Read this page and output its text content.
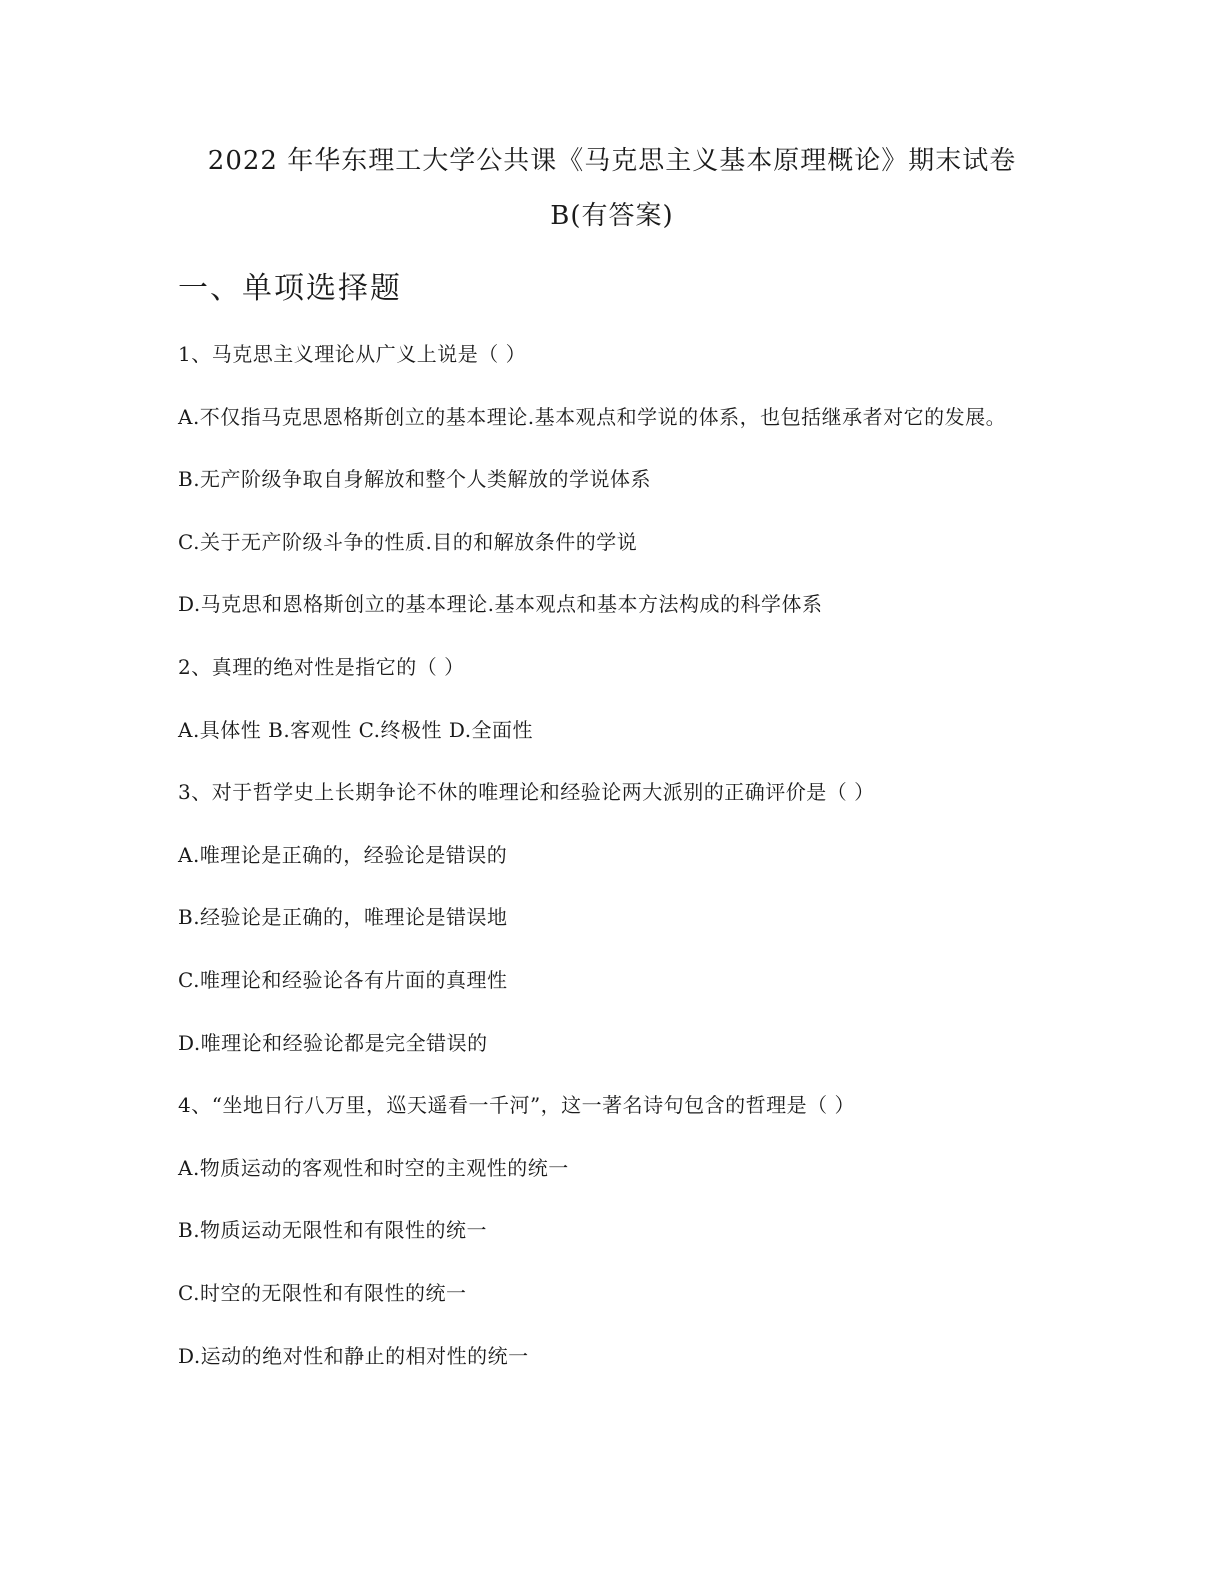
2022 年华东理工大学公共课《马克思主义基本原理概论》期末试卷
B(有答案)
一、单项选择题
1、马克思主义理论从广义上说是（ ）
A.不仅指马克思恩格斯创立的基本理论.基本观点和学说的体系，也包括继承者对它的发展。
B.无产阶级争取自身解放和整个人类解放的学说体系
C.关于无产阶级斗争的性质.目的和解放条件的学说
D.马克思和恩格斯创立的基本理论.基本观点和基本方法构成的科学体系
2、真理的绝对性是指它的（ ）
A.具体性 B.客观性 C.终极性 D.全面性
3、对于哲学史上长期争论不休的唯理论和经验论两大派别的正确评价是（ ）
A.唯理论是正确的，经验论是错误的
B.经验论是正确的，唯理论是错误地
C.唯理论和经验论各有片面的真理性
D.唯理论和经验论都是完全错误的
4、“坐地日行八万里，巡天遥看一千河”，这一著名诗句包含的哲理是（ ）
A.物质运动的客观性和时空的主观性的统一
B.物质运动无限性和有限性的统一
C.时空的无限性和有限性的统一
D.运动的绝对性和静止的相对性的统一
